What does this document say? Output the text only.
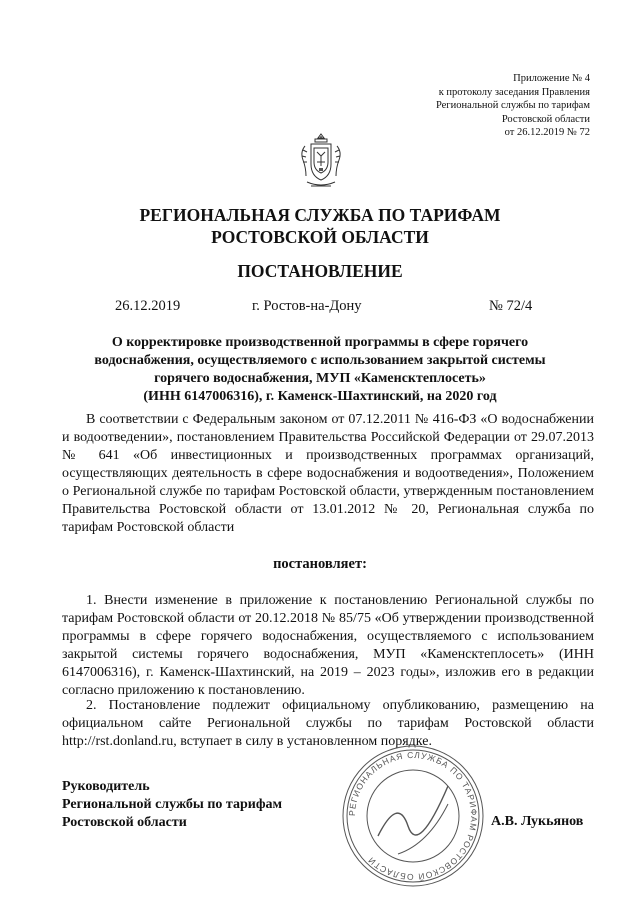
Приложение № 4
к протоколу заседания Правления
Региональной службы по тарифам
Ростовской области
от 26.12.2019 № 72
РЕГИОНАЛЬНАЯ СЛУЖБА ПО ТАРИФАМ
РОСТОВСКОЙ ОБЛАСТИ
ПОСТАНОВЛЕНИЕ
26.12.2019	г. Ростов-на-Дону	№ 72/4
О корректировке производственной программы в сфере горячего
водоснабжения, осуществляемого с использованием закрытой системы
горячего водоснабжения, МУП «Каменсктеплосеть»
(ИНН 6147006316), г. Каменск-Шахтинский, на 2020 год

В соответствии с Федеральным законом от 07.12.2011 № 416-ФЗ «О водоснабжении и водоотведении», постановлением Правительства Российской Федерации от 29.07.2013 № 641 «Об инвестиционных и производственных программах организаций, осуществляющих деятельность в сфере водоснабжения и водоотведения», Положением о Региональной службе по тарифам Ростовской области, утвержденным постановлением Правительства Ростовской области от 13.01.2012 № 20, Региональная служба по тарифам Ростовской области

постановляет:

1. Внести изменение в приложение к постановлению Региональной службы по тарифам Ростовской области от 20.12.2018 № 85/75 «Об утверждении производственной программы в сфере горячего водоснабжения, осуществляемого с использованием закрытой системы горячего водоснабжения, МУП «Каменсктеплосеть» (ИНН 6147006316), г. Каменск-Шахтинский, на 2019 – 2023 годы», изложив его в редакции согласно приложению к постановлению.

2. Постановление подлежит официальному опубликованию, размещению на официальном сайте Региональной службы по тарифам Ростовской области http://rst.donland.ru, вступает в силу в установленном порядке.

РЕГИОНАЛЬНАЯ СЛУЖБА ПО ТАРИФАМ РОСТОВСКОЙ ОБЛАСТИ
Руководитель
Региональной службы по тарифам
Ростовской области	А.В. Лукьянов
